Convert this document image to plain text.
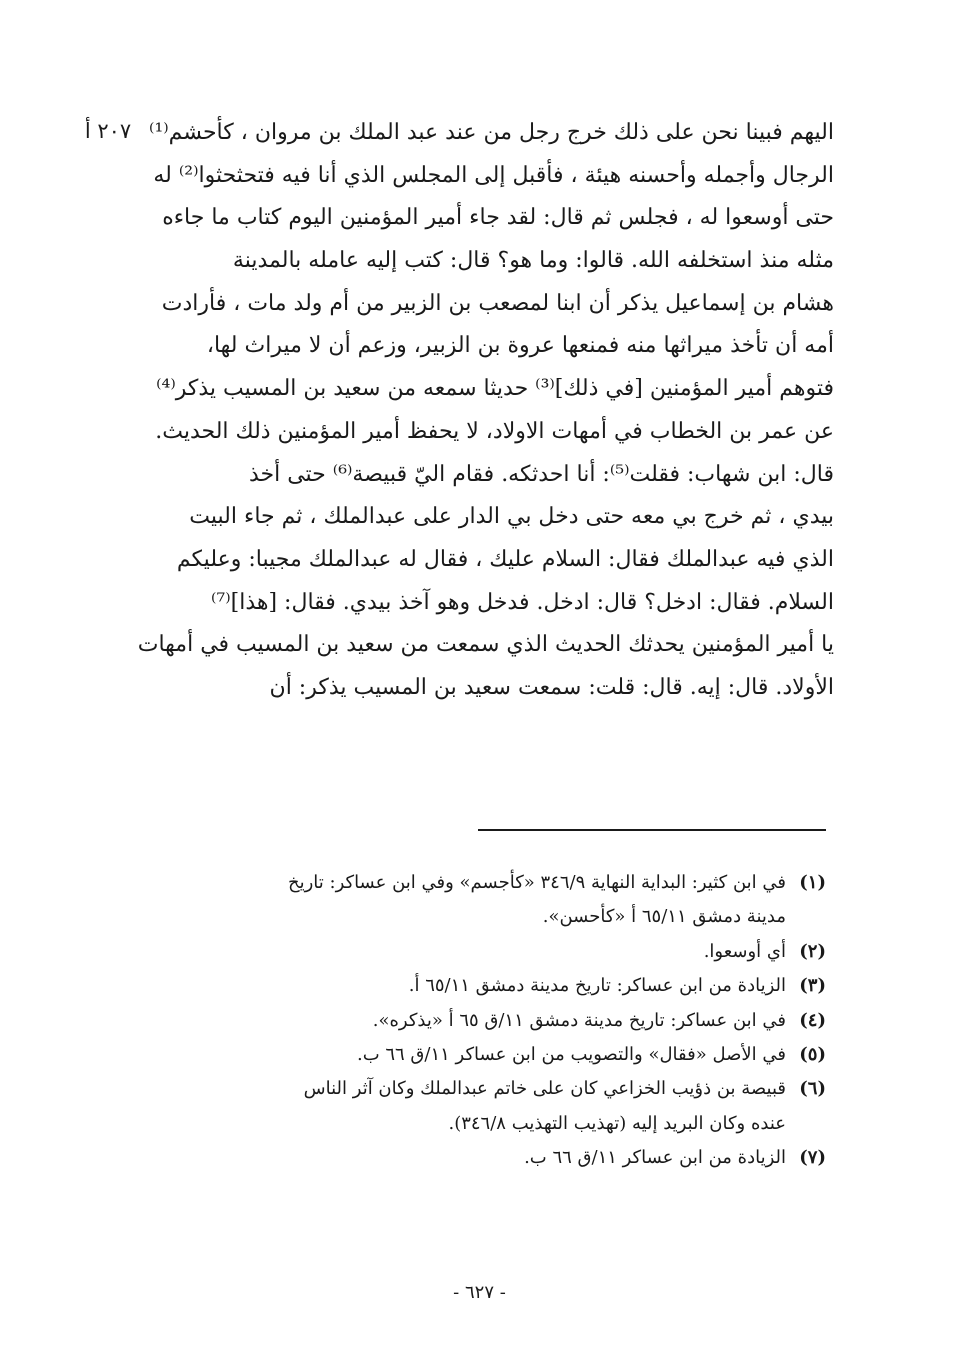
٢٠٧ أ اليهم فبينا نحن على ذلك خرج رجل من عند عبد الملك بن مروان ، كأحشم⁽¹⁾
الرجال وأجمله وأحسنه هيئة ، فأقبل إلى المجلس الذي أنا فيه فتحثحثوا⁽²⁾ له
حتى أوسعوا له ، فجلس ثم قال: لقد جاء أمير المؤمنين اليوم كتاب ما جاءه
مثله منذ استخلفه الله. قالوا: وما هو؟ قال: كتب إليه عامله بالمدينة
هشام بن إسماعيل يذكر أن ابنا لمصعب بن الزبير من أم ولد مات ، فأرادت
أمه أن تأخذ ميراثها منه فمنعها عروة بن الزبير، وزعم أن لا ميراث لها،
فتوهم أمير المؤمنين [في ذلك]⁽³⁾ حديثا سمعه من سعيد بن المسيب يذكر⁽⁴⁾
عن عمر بن الخطاب في أمهات الاولاد، لا يحفظ أمير المؤمنين ذلك الحديث.
قال: ابن شهاب: فقلت⁽⁵⁾: أنا احدثكه. فقام اليّ قبيصة⁽⁶⁾ حتى أخذ
بيدي ، ثم خرج بي معه حتى دخل بي الدار على عبدالملك ، ثم جاء البيت
الذي فيه عبدالملك فقال: السلام عليك ، فقال له عبدالملك مجيبا: وعليكم
السلام. فقال: ادخل؟ قال: ادخل. فدخل وهو آخذ بيدي. فقال: [هذا]⁽⁷⁾
يا أمير المؤمنين يحدثك الحديث الذي سمعت من سعيد بن المسيب في أمهات
الأولاد. قال: إيه. قال: قلت: سمعت سعيد بن المسيب يذكر: أن
(١)
في ابن كثير: البداية النهاية ٣٤٦/٩ «كأجسم» وفي ابن عساكر: تاريخ
مدينة دمشق ٦٥/١١ أ «كأحسن».
(٢)
أي أوسعوا.
(٣)
الزيادة من ابن عساكر: تاريخ مدينة دمشق ٦٥/١١ أ.
(٤)
في ابن عساكر: تاريخ مدينة دمشق ١١/ق ٦٥ أ «يذكره».
(٥)
في الأصل «فقال» والتصويب من ابن عساكر ١١/ق ٦٦ ب.
(٦)
قبيصة بن ذؤيب الخزاعي كان على خاتم عبدالملك وكان آثر الناس
عنده وكان البريد إليه (تهذيب التهذيب ٣٤٦/٨).
(٧)
الزيادة من ابن عساكر ١١/ق ٦٦ ب.
- ٦٢٧ -
